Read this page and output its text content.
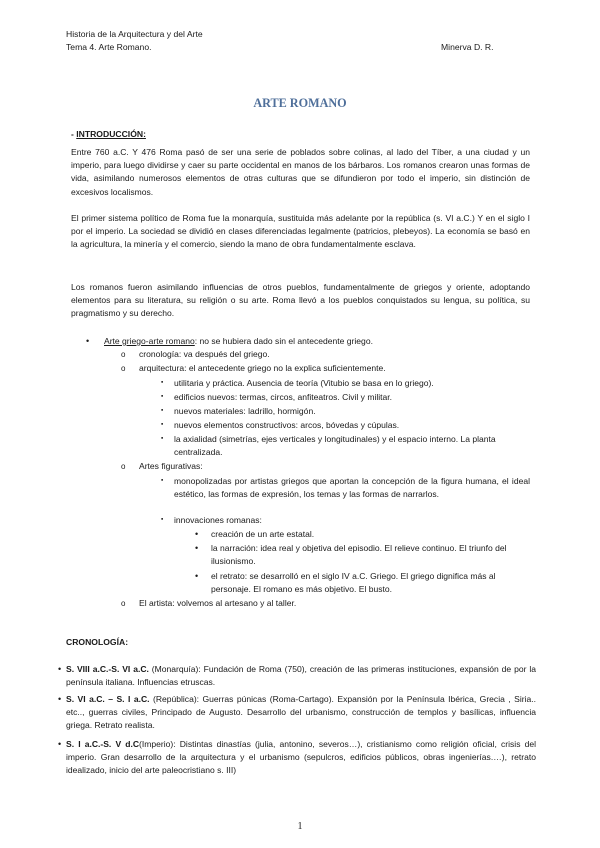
Historia de la Arquitectura y del Arte
Tema 4. Arte Romano.	Minerva D. R.
ARTE ROMANO
- INTRODUCCIÓN:
Entre 760 a.C. Y 476 Roma pasó de ser una serie de poblados sobre colinas, al lado del Tíber, a una ciudad y un imperio, para luego dividirse y caer su parte occidental en manos de los bárbaros. Los romanos crearon unas formas de vida, asimilando numerosos elementos de otras culturas que se difundieron por todo el imperio, sin distinción de excesivos localismos.
El primer sistema político de Roma fue la monarquía, sustituida más adelante por la república (s. VI a.C.) Y en el siglo I por el imperio. La sociedad se dividió en clases diferenciadas legalmente (patricios, plebeyos). La economía se basó en la agricultura, la minería y el comercio, siendo la mano de obra fundamentalmente esclava.
Los romanos fueron asimilando influencias de otros pueblos, fundamentalmente de griegos y oriente, adoptando elementos para su literatura, su religión o su arte. Roma llevó a los pueblos conquistados su lengua, su política, su pragmatismo y su derecho.
• Arte griego-arte romano: no se hubiera dado sin el antecedente griego.
o cronología: va después del griego.
o arquitectura: el antecedente griego no la explica suficientemente.
▪ utilitaria y práctica. Ausencia de teoría (Vitubio se basa en lo griego).
▪ edificios nuevos: termas, circos, anfiteatros. Civil y militar.
▪ nuevos materiales: ladrillo, hormigón.
▪ nuevos elementos constructivos: arcos, bóvedas y cúpulas.
▪ la axialidad (simetrías, ejes verticales y longitudinales) y el espacio interno. La planta centralizada.
o Artes figurativas:
▪ monopolizadas por artistas griegos que aportan la concepción de la figura humana, el ideal estético, las formas de expresión, los temas y las formas de narrarlos.
▪ innovaciones romanas:
• creación de un arte estatal.
• la narración: idea real y objetiva del episodio. El relieve continuo. El triunfo del ilusionismo.
• el retrato: se desarrolló en el siglo IV a.C. Griego. El griego dignifica más al personaje. El romano es más objetivo. El busto.
o El artista: volvemos al artesano y al taller.
CRONOLOGÍA:
• S. VIII a.C.-S. VI a.C. (Monarquía): Fundación de Roma (750), creación de las primeras instituciones, expansión de por la península italiana. Influencias etruscas.
• S. VI a.C. – S. I a.C. (República): Guerras púnicas (Roma-Cartago). Expansión por la Península Ibérica, Grecia , Siria.. etc.., guerras civiles, Principado de Augusto. Desarrollo del urbanismo, construcción de templos y basílicas, influencia griega. Retrato realista.
• S. I a.C.-S. V d.C(Imperio): Distintas dinastías (julia, antonino, severos…), cristianismo como religión oficial, crisis del imperio. Gran desarrollo de la arquitectura y el urbanismo (sepulcros, edificios públicos, obras ingenierías.…), retrato idealizado, inicio del arte paleocristiano s. III)
1
